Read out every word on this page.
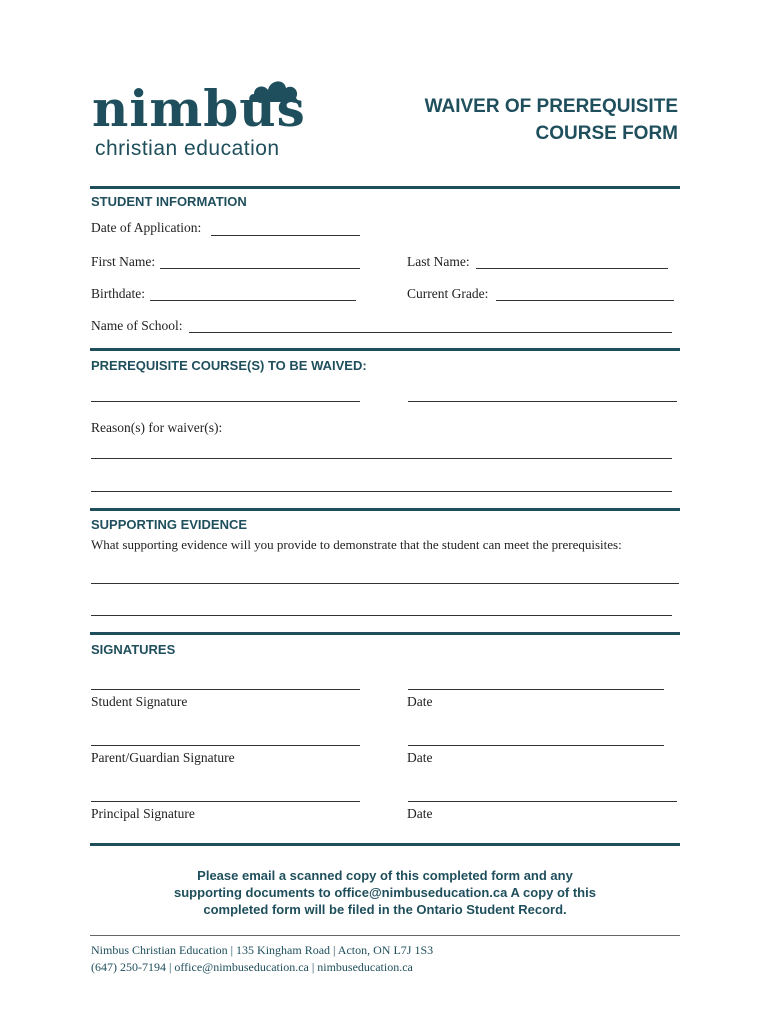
nimbus
christian education
WAIVER OF PREREQUISITE
COURSE FORM
STUDENT INFORMATION
Date of Application:
First Name:	Last Name:
Birthdate:	Current Grade:
Name of School:
PREREQUISITE COURSE(S) TO BE WAIVED:
Reason(s) for waiver(s):
SUPPORTING EVIDENCE
What supporting evidence will you provide to demonstrate that the student can meet the prerequisites:
SIGNATURES
Student Signature	Date
Parent/Guardian Signature	Date
Principal Signature	Date
Please email a scanned copy of this completed form and any
supporting documents to office@nimbuseducation.ca A copy of this
completed form will be filed in the Ontario Student Record.
Nimbus Christian Education | 135 Kingham Road | Acton, ON L7J 1S3
(647) 250-7194 | office@nimbuseducation.ca | nimbuseducation.ca
